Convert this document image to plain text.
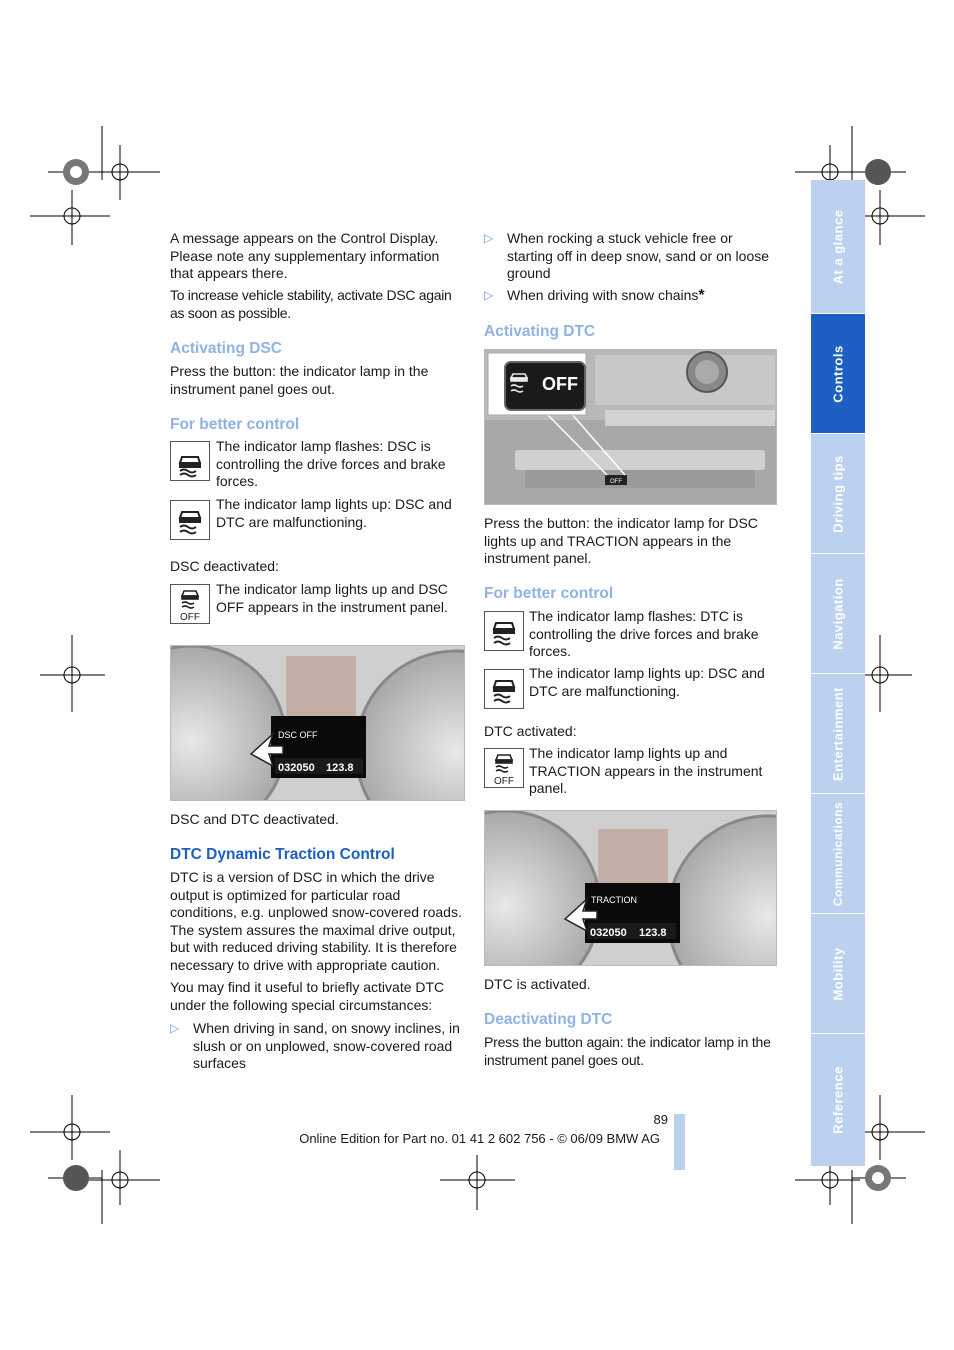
A message appears on the Control Display. Please note any supplementary information that appears there.
To increase vehicle stability, activate DSC again as soon as possible.
Activating DSC
Press the button: the indicator lamp in the instrument panel goes out.
For better control
The indicator lamp flashes: DSC is controlling the drive forces and brake forces.
The indicator lamp lights up: DSC and DTC are malfunctioning.
DSC deactivated:
OFF
The indicator lamp lights up and DSC OFF appears in the instrument panel.
DSC OFF
032050 123.8
DSC and DTC deactivated.
DTC Dynamic Traction Control
DTC is a version of DSC in which the drive output is optimized for particular road conditions, e.g. unplowed snow-covered roads. The system assures the maximal drive output, but with reduced driving stability. It is therefore necessary to drive with appropriate caution.
You may find it useful to briefly activate DTC under the following special circumstances:
▷ When driving in sand, on snowy inclines, in slush or on unplowed, snow-covered road surfaces
▷ When rocking a stuck vehicle free or starting off in deep snow, sand or on loose ground
▷ When driving with snow chains*
Activating DTC
OFF
OFF
Press the button: the indicator lamp for DSC lights up and TRACTION appears in the instrument panel.
For better control
The indicator lamp flashes: DTC is controlling the drive forces and brake forces.
The indicator lamp lights up: DSC and DTC are malfunctioning.
DTC activated:
OFF
The indicator lamp lights up and TRACTION appears in the instrument panel.
TRACTION
032050 123.8
DTC is activated.
Deactivating DTC
Press the button again: the indicator lamp in the instrument panel goes out.
At a glance
Controls
Driving tips
Navigation
Entertainment
Communications
Mobility
Reference
89
Online Edition for Part no. 01 41 2 602 756 - © 06/09 BMW AG
